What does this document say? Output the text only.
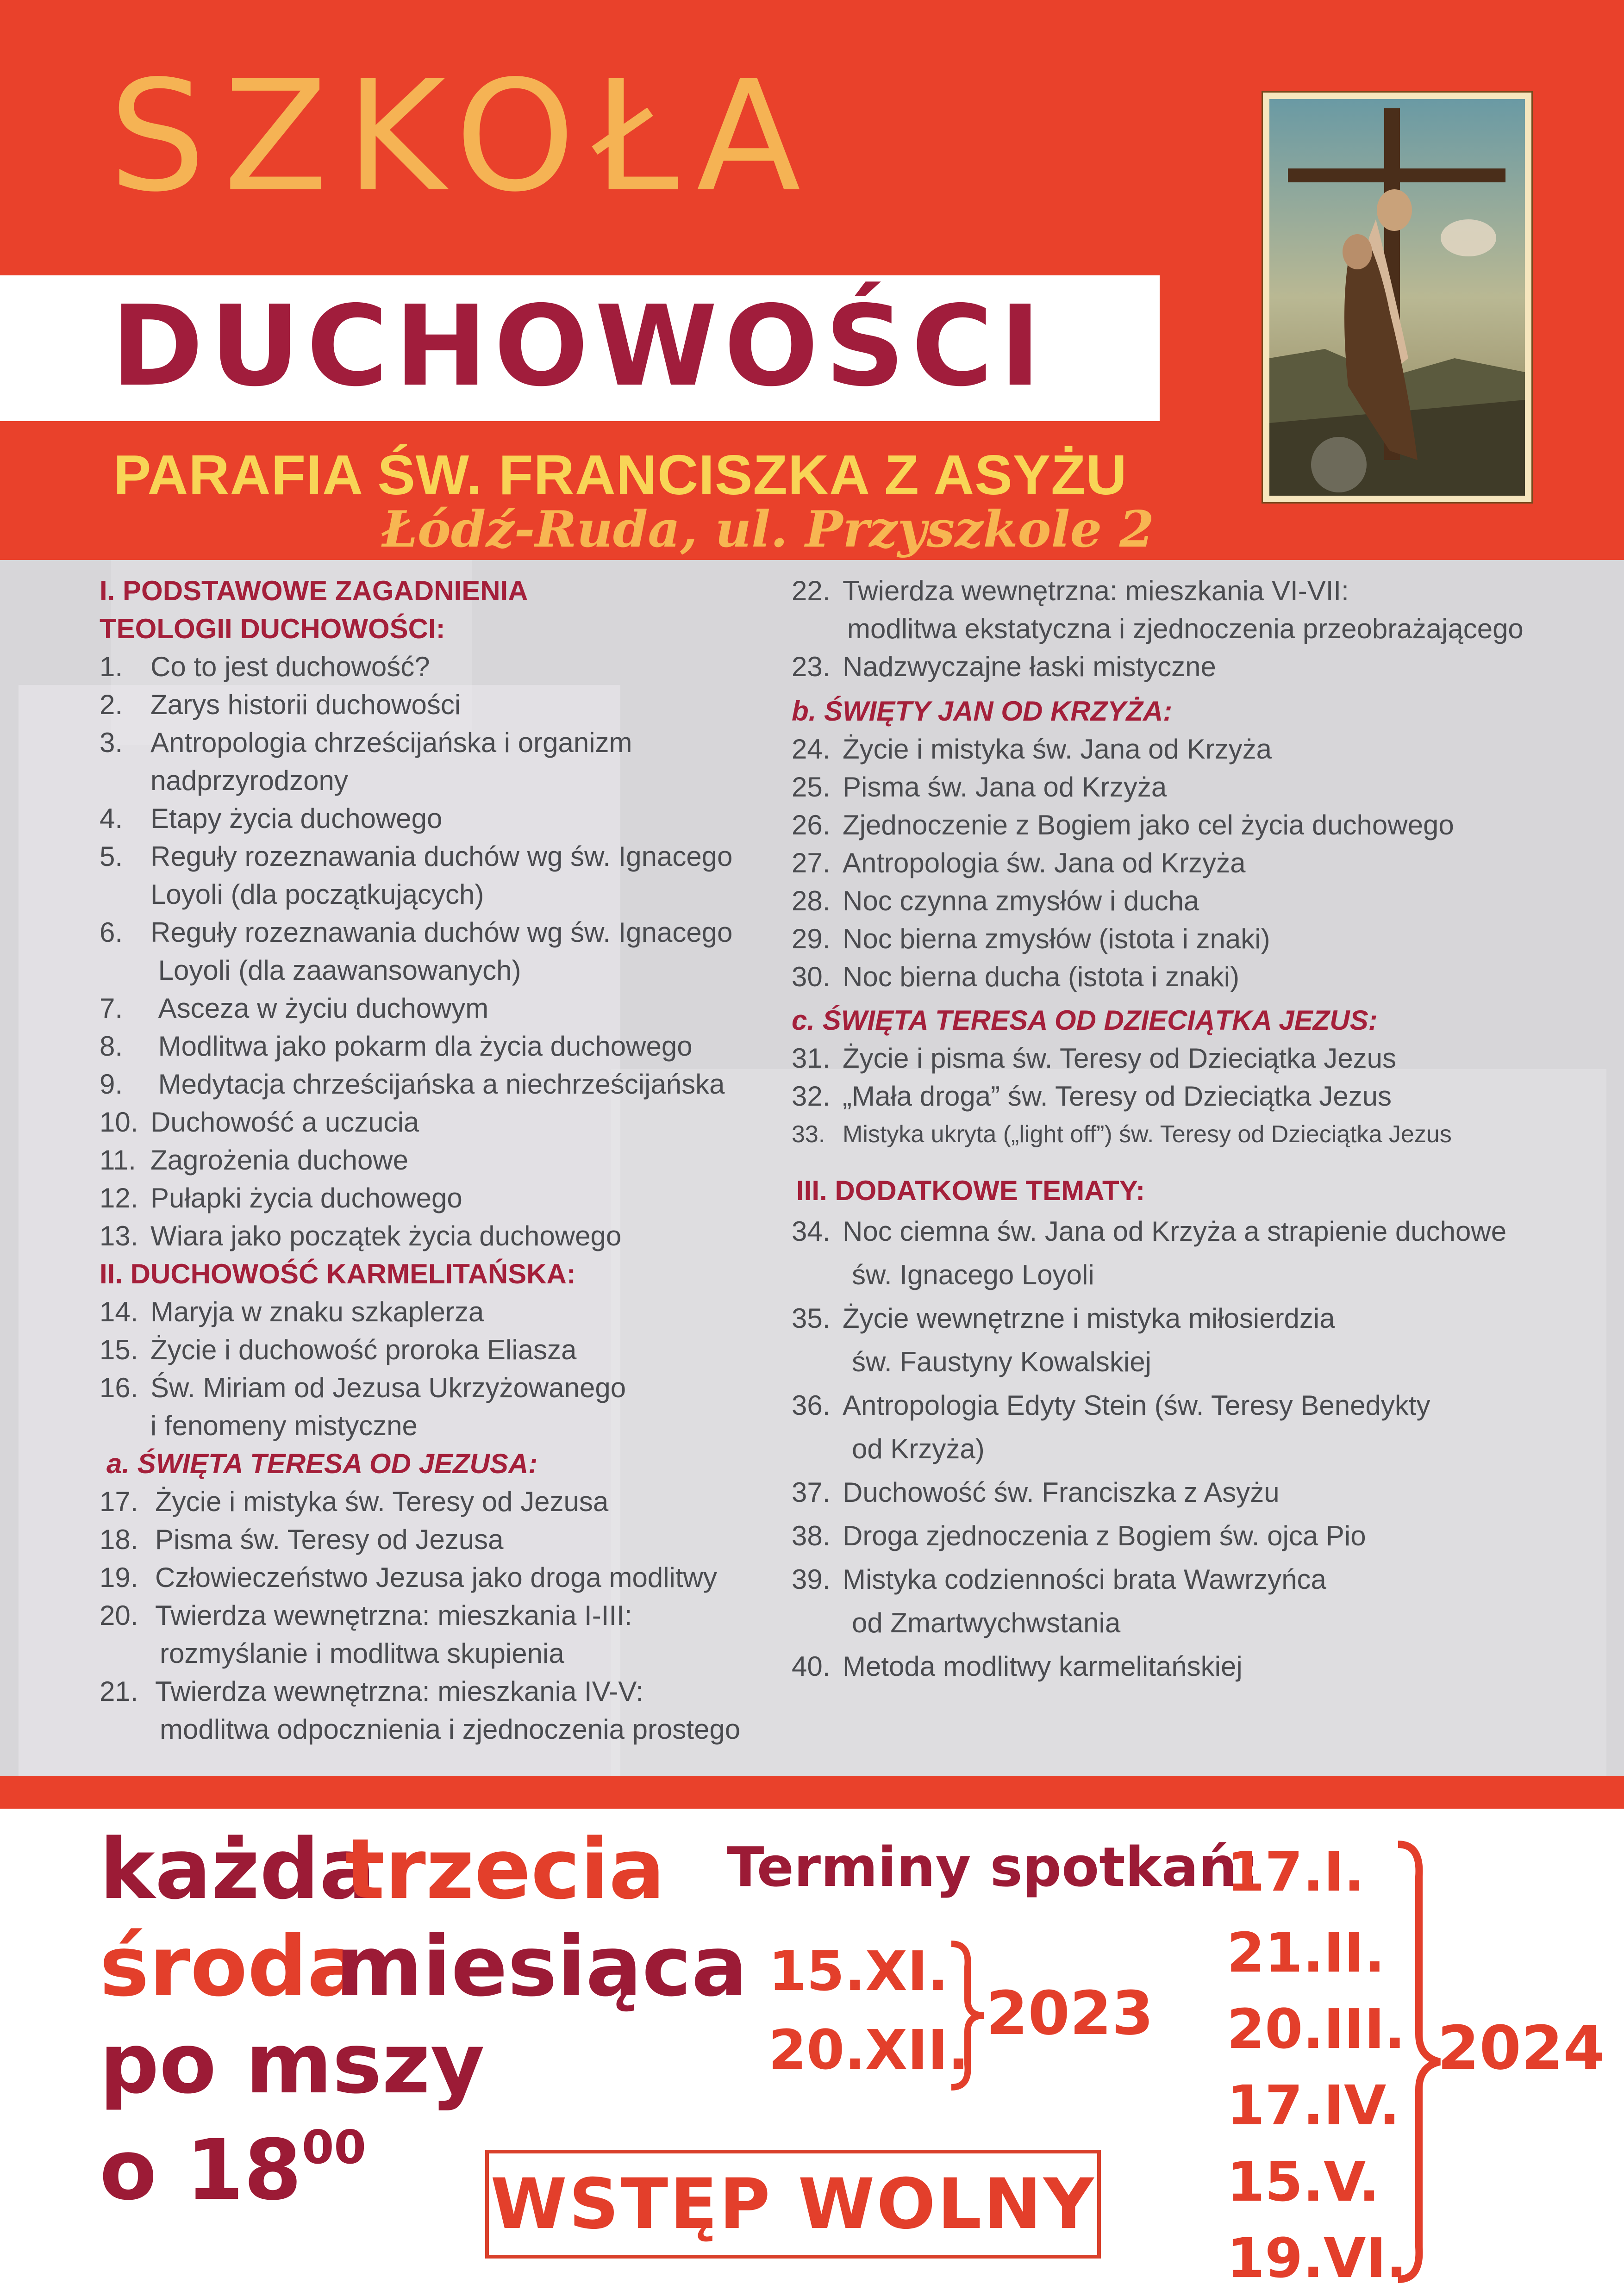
SZKOŁA
DUCHOWOŚCI
PARAFIA ŚW. FRANCISZKA Z ASYŻU
Łódź-Ruda, ul. Przyszkole 2
I. PODSTAWOWE ZAGADNIENIA
TEOLOGII DUCHOWOŚCI:
1. Co to jest duchowość?
2. Zarys historii duchowości
3. Antropologia chrześcijańska i organizm
nadprzyrodzony
4. Etapy życia duchowego
5. Reguły rozeznawania duchów wg św. Ignacego
Loyoli (dla początkujących)
6. Reguły rozeznawania duchów wg św. Ignacego
Loyoli (dla zaawansowanych)
7. Asceza w życiu duchowym
8. Modlitwa jako pokarm dla życia duchowego
9. Medytacja chrześcijańska a niechrześcijańska
10. Duchowość a uczucia
11. Zagrożenia duchowe
12. Pułapki życia duchowego
13. Wiara jako początek życia duchowego
II. DUCHOWOŚĆ KARMELITAŃSKA:
14. Maryja w znaku szkaplerza
15. Życie i duchowość proroka Eliasza
16. Św. Miriam od Jezusa Ukrzyżowanego
i fenomeny mistyczne
a. ŚWIĘTA TERESA OD JEZUSA:
17. Życie i mistyka św. Teresy od Jezusa
18. Pisma św. Teresy od Jezusa
19. Człowieczeństwo Jezusa jako droga modlitwy
20. Twierdza wewnętrzna: mieszkania I-III:
rozmyślanie i modlitwa skupienia
21. Twierdza wewnętrzna: mieszkania IV-V:
modlitwa odpocznienia i zjednoczenia prostego
22. Twierdza wewnętrzna: mieszkania VI-VII:
modlitwa ekstatyczna i zjednoczenia przeobrażającego
23. Nadzwyczajne łaski mistyczne
b. ŚWIĘTY JAN OD KRZYŻA:
24. Życie i mistyka św. Jana od Krzyża
25. Pisma św. Jana od Krzyża
26. Zjednoczenie z Bogiem jako cel życia duchowego
27. Antropologia św. Jana od Krzyża
28. Noc czynna zmysłów i ducha
29. Noc bierna zmysłów (istota i znaki)
30. Noc bierna ducha (istota i znaki)
c. ŚWIĘTA TERESA OD DZIECIĄTKA JEZUS:
31. Życie i pisma św. Teresy od Dzieciątka Jezus
32. „Mała droga” św. Teresy od Dzieciątka Jezus
33. Mistyka ukryta („light off”) św. Teresy od Dzieciątka Jezus
III. DODATKOWE TEMATY:
34. Noc ciemna św. Jana od Krzyża a strapienie duchowe
św. Ignacego Loyoli
35. Życie wewnętrzne i mistyka miłosierdzia
św. Faustyny Kowalskiej
36. Antropologia Edyty Stein (św. Teresy Benedykty
od Krzyża)
37. Duchowość św. Franciszka z Asyżu
38. Droga zjednoczenia z Bogiem św. ojca Pio
39. Mistyka codzienności brata Wawrzyńca
od Zmartwychwstania
40. Metoda modlitwy karmelitańskiej
każda
trzecia
środa
miesiąca
po mszy
o $18^{00}$
Terminy spotkań:
15.XI.
20.XII.
2023
17.I.
21.II.
20.III.
17.IV.
15.V.
19.VI.
2024
WSTĘP WOLNY
